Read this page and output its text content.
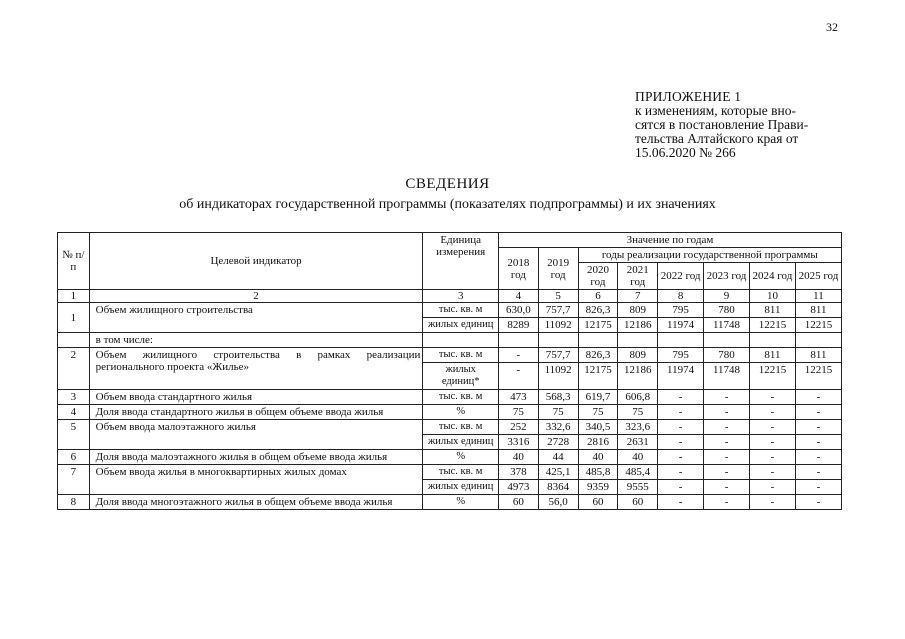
32
ПРИЛОЖЕНИЕ 1
к изменениям, которые вно-
сятся в постановление Прави-
тельства Алтайского края от
15.06.2020 № 266
СВЕДЕНИЯ
об индикаторах государственной программы (показателях подпрограммы) и их значениях
№ п/п	Целевой индикатор	Единица измерения	Значение по годам							
			2018 год	2019 год	годы реализации государственной программы					
					2020 год	2021 год	2022 год	2023 год	2024 год	2025 год
1	2	3	4	5	6	7	8	9	10	11
1	Объем жилищного строительства	тыс. кв. м	630,0	757,7	826,3	809	795	780	811	811
		жилых единиц	8289	11092	12175	12186	11974	11748	12215	12215
	в том числе:									
2	Объем жилищного строительства в рамках реализации регионального проекта «Жилье»	тыс. кв. м	-	757,7	826,3	809	795	780	811	811
		жилых единиц*	-	11092	12175	12186	11974	11748	12215	12215
3	Объем ввода стандартного жилья	тыс. кв. м	473	568,3	619,7	606,8	-	-	-	-
4	Доля ввода стандартного жилья в общем объеме ввода жилья	%	75	75	75	75	-	-	-	-
5	Объем ввода малоэтажного жилья	тыс. кв. м	252	332,6	340,5	323,6	-	-	-	-
		жилых единиц	3316	2728	2816	2631	-	-	-	-
6	Доля ввода малоэтажного жилья в общем объеме ввода жилья	%	40	44	40	40	-	-	-	-
7	Объем ввода жилья в многоквартирных жилых домах	тыс. кв. м	378	425,1	485,8	485,4	-	-	-	-
		жилых единиц	4973	8364	9359	9555	-	-	-	-
8	Доля ввода многоэтажного жилья в общем объеме ввода жилья	%	60	56,0	60	60	-	-	-	-
